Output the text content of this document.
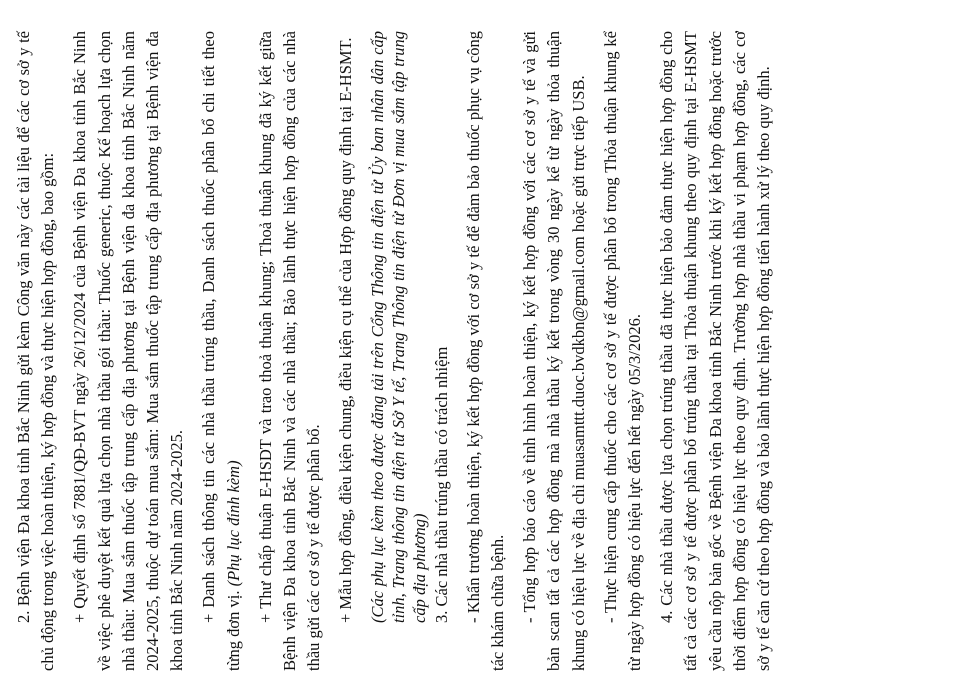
2. Bệnh viện Đa khoa tỉnh Bắc Ninh gửi kèm Công văn này các tài liệu để các cơ sở y tế chủ động trong việc hoàn thiện, ký hợp đồng và thực hiện hợp đồng, bao gồm: + Quyết định số 7881/QĐ-BVT ngày 26/12/2024 của Bệnh viện Đa khoa tỉnh Bắc Ninh về việc phê duyệt kết quả lựa chọn nhà thầu gói thầu: Thuốc generic, thuộc Kế hoạch lựa chọn nhà thầu: Mua sắm thuốc tập trung cấp địa phương tại Bệnh viện đa khoa tỉnh Bắc Ninh năm 2024-2025, thuộc dự toán mua sắm: Mua sắm thuốc tập trung cấp địa phương tại Bệnh viện đa khoa tỉnh Bắc Ninh năm 2024-2025. + Danh sách thông tin các nhà thầu trúng thầu, Danh sách thuốc phân bổ chi tiết theo từng đơn vị. (Phụ lục đính kèm) + Thư chấp thuận E-HSDT và trao thoả thuận khung; Thoả thuận khung đã ký kết giữa Bệnh viện Đa khoa tỉnh Bắc Ninh và các nhà thầu; Bảo lãnh thực hiện hợp đồng của các nhà thầu gửi các cơ sở y tế được phân bổ. + Mẫu hợp đồng, điều kiện chung, điều kiện cụ thể của Hợp đồng quy định tại E-HSMT. (Các phụ lục kèm theo được đăng tải trên Cổng Thông tin điện tử Ủy ban nhân dân cấp tỉnh, Trang thông tin điện tử Sở Y tế, Trang Thông tin điện tử Đơn vị mua sắm tập trung cấp địa phương) 3. Các nhà thầu trúng thầu có trách nhiệm - Khẩn trương hoàn thiện, ký kết hợp đồng với cơ sở y tế để đảm bảo thuốc phục vụ công tác khám chữa bệnh. - Tổng hợp báo cáo về tình hình hoàn thiện, ký kết hợp đồng với các cơ sở y tế và gửi bản scan tất cả các hợp đồng mà nhà thầu ký kết trong vòng 30 ngày kể từ ngày thỏa thuận khung có hiệu lực về địa chỉ muasamttt.duoc.bvdkbn@gmail.com hoặc gửi trực tiếp USB. - Thực hiện cung cấp thuốc cho các cơ sở y tế được phân bổ trong Thỏa thuận khung kể từ ngày hợp đồng có hiệu lực đến hết ngày 05/3/2026. 4. Các nhà thầu được lựa chọn trúng thầu đã thực hiện bảo đảm thực hiện hợp đồng cho tất cả các cơ sở y tế được phân bổ trúng thầu tại Thỏa thuận khung theo quy định tại E-HSMT yêu cầu nộp bản gốc về Bệnh viện Đa khoa tỉnh Bắc Ninh trước khi ký kết hợp đồng hoặc trước thời điểm hợp đồng có hiệu lực theo quy định. Trường hợp nhà thầu vi phạm hợp đồng, các cơ sở y tế căn cứ theo hợp đồng và bảo lãnh thực hiện hợp đồng tiến hành xử lý theo quy định.
